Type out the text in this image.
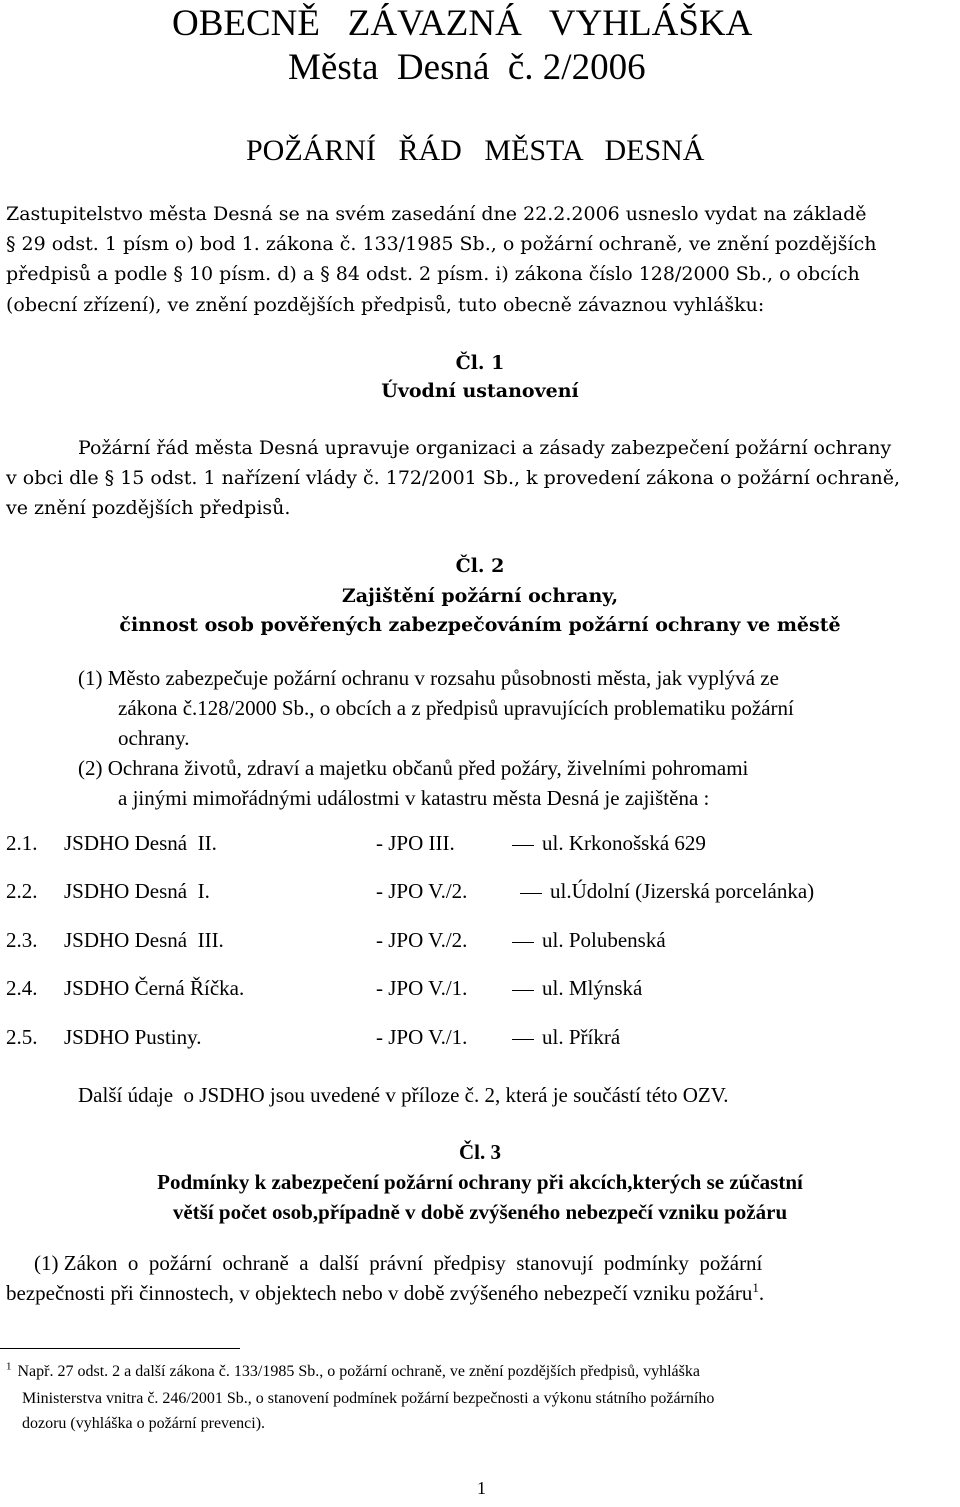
OBECNĚ   ZÁVAZNÁ   VYHLÁŠKA
Města  Desná  č. 2/2006
POŽÁRNÍ   ŘÁD   MĚSTA   DESNÁ
Zastupitelstvo města Desná se na svém zasedání dne 22.2.2006 usneslo vydat na základě
§ 29 odst. 1 písm o) bod 1. zákona č. 133/1985 Sb., o požární ochraně, ve znění pozdějších
předpisů a podle § 10 písm. d) a § 84 odst. 2 písm. i) zákona číslo 128/2000 Sb., o obcích
(obecní zřízení), ve znění pozdějších předpisů, tuto obecně závaznou vyhlášku:
Čl. 1
Úvodní ustanovení
Požární řád města Desná upravuje organizaci a zásady zabezpečení požární ochrany
v obci dle § 15 odst. 1 nařízení vlády č. 172/2001 Sb., k provedení zákona o požární ochraně,
ve znění pozdějších předpisů.
Čl. 2
Zajištění požární ochrany,
činnost osob pověřených zabezpečováním požární ochrany ve městě
(1) Město zabezpečuje požární ochranu v rozsahu působnosti města, jak vyplývá ze
zákona č.128/2000 Sb., o obcích a z předpisů upravujících problematiku požární
ochrany.
(2) Ochrana životů, zdraví a majetku občanů před požáry, živelními pohromami
a jinými mimořádnými událostmi v katastru města Desná je zajištěna :
2.1. JSDHO Desná  II.	- JPO III.	ul. Krkonošská 629
2.2. JSDHO Desná  I.	- JPO V./2.	ul.Údolní (Jizerská porcelánka)
2.3. JSDHO Desná  III.	- JPO V./2.	ul. Polubenská
2.4. JSDHO Černá Říčka.	- JPO V./1.	ul. Mlýnská
2.5. JSDHO Pustiny.	- JPO V./1.	ul. Příkrá
Další údaje  o JSDHO jsou uvedené v příloze č. 2, která je součástí této OZV.
Čl. 3
Podmínky k zabezpečení požární ochrany při akcích,kterých se zúčastní
větší počet osob,případně v době zvýšeného nebezpečí vzniku požáru
(1) Zákon  o  požární  ochraně  a  další  právní  předpisy  stanovují  podmínky  požární
bezpečnosti při činnostech, v objektech nebo v době zvýšeného nebezpečí vzniku požáru$^1$.
$^1$ Např. 27 odst. 2 a další zákona č. 133/1985 Sb., o požární ochraně, ve znění pozdějších předpisů, vyhláška
Ministerstva vnitra č. 246/2001 Sb., o stanovení podmínek požární bezpečnosti a výkonu státního požárního
dozoru (vyhláška o požární prevenci).
1
